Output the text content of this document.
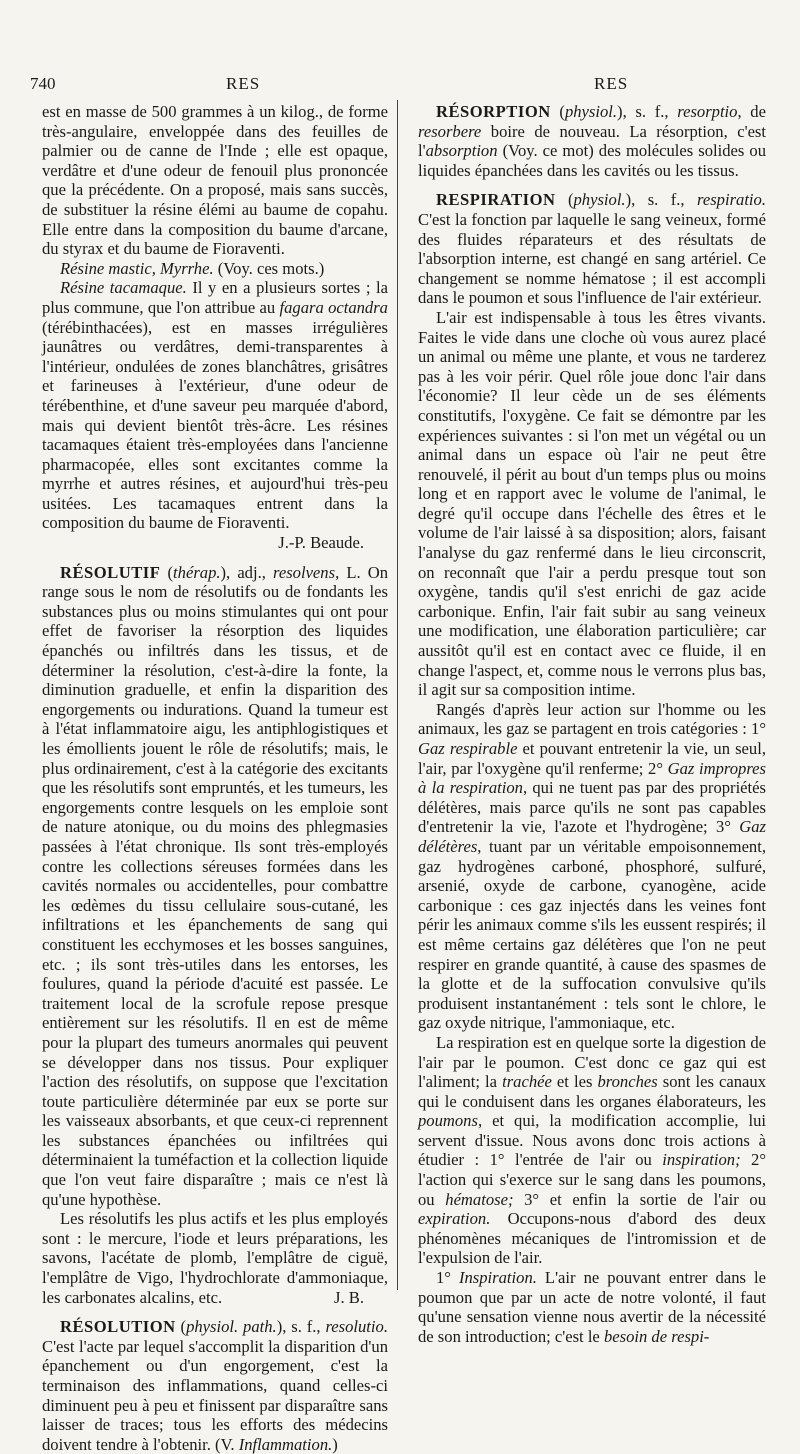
740	RES	RES

est en masse de 500 grammes à un kilog., de forme très-angulaire, enveloppée dans des feuilles de palmier ou de canne de l'Inde ; elle est opaque, verdâtre et d'une odeur de fenouil plus prononcée que la précédente. On a proposé, mais sans succès, de substituer la résine élémi au baume de copahu. Elle entre dans la composition du baume d'arcane, du styrax et du baume de Fioraventi.

Résine mastic, Myrrhe. (Voy. ces mots.)

Résine tacamaque. Il y en a plusieurs sortes ; la plus commune, que l'on attribue au fagara octandra (térébinthacées), est en masses irrégulières jaunâtres ou verdâtres, demi-transparentes à l'intérieur, ondulées de zones blanchâtres, grisâtres et farineuses à l'extérieur, d'une odeur de térébenthine, et d'une saveur peu marquée d'abord, mais qui devient bientôt très-âcre. Les résines tacamaques étaient très-employées dans l'ancienne pharmacopée, elles sont excitantes comme la myrrhe et autres résines, et aujourd'hui très-peu usitées. Les tacamaques entrent dans la composition du baume de Fioraventi.

J.-P. Beaude.

RÉSOLUTIF (thérap.), adj., resolvens, L. On range sous le nom de résolutifs ou de fondants les substances plus ou moins stimulantes qui ont pour effet de favoriser la résorption des liquides épanchés ou infiltrés dans les tissus, et de déterminer la résolution, c'est-à-dire la fonte, la diminution graduelle, et enfin la disparition des engorgements ou indurations. Quand la tumeur est à l'état inflammatoire aigu, les antiphlogistiques et les émollients jouent le rôle de résolutifs; mais, le plus ordinairement, c'est à la catégorie des excitants que les résolutifs sont empruntés, et les tumeurs, les engorgements contre lesquels on les emploie sont de nature atonique, ou du moins des phlegmasies passées à l'état chronique. Ils sont très-employés contre les collections séreuses formées dans les cavités normales ou accidentelles, pour combattre les œdèmes du tissu cellulaire sous-cutané, les infiltrations et les épanchements de sang qui constituent les ecchymoses et les bosses sanguines, etc. ; ils sont très-utiles dans les entorses, les foulures, quand la période d'acuité est passée. Le traitement local de la scrofule repose presque entièrement sur les résolutifs. Il en est de même pour la plupart des tumeurs anormales qui peuvent se développer dans nos tissus. Pour expliquer l'action des résolutifs, on suppose que l'excitation toute particulière déterminée par eux se porte sur les vaisseaux absorbants, et que ceux-ci reprennent les substances épanchées ou infiltrées qui déterminaient la tuméfaction et la collection liquide que l'on veut faire disparaître ; mais ce n'est là qu'une hypothèse.

Les résolutifs les plus actifs et les plus employés sont : le mercure, l'iode et leurs préparations, les savons, l'acétate de plomb, l'emplâtre de ciguë, l'emplâtre de Vigo, l'hydrochlorate d'ammoniaque, les carbonates alcalins, etc.	J. B.

RÉSOLUTION (physiol. path.), s. f., resolutio. C'est l'acte par lequel s'accomplit la disparition d'un épanchement ou d'un engorgement, c'est la terminaison des inflammations, quand celles-ci diminuent peu à peu et finissent par disparaître sans laisser de traces; tous les efforts des médecins doivent tendre à l'obtenir. (V. Inflammation.)

RÉSORPTION (physiol.), s. f., resorptio, de resorbere boire de nouveau. La résorption, c'est l'absorption (Voy. ce mot) des molécules solides ou liquides épanchées dans les cavités ou les tissus.

RESPIRATION (physiol.), s. f., respiratio. C'est la fonction par laquelle le sang veineux, formé des fluides réparateurs et des résultats de l'absorption interne, est changé en sang artériel. Ce changement se nomme hématose ; il est accompli dans le poumon et sous l'influence de l'air extérieur.

L'air est indispensable à tous les êtres vivants. Faites le vide dans une cloche où vous aurez placé un animal ou même une plante, et vous ne tarderez pas à les voir périr. Quel rôle joue donc l'air dans l'économie? Il leur cède un de ses éléments constitutifs, l'oxygène. Ce fait se démontre par les expériences suivantes : si l'on met un végétal ou un animal dans un espace où l'air ne peut être renouvelé, il périt au bout d'un temps plus ou moins long et en rapport avec le volume de l'animal, le degré qu'il occupe dans l'échelle des êtres et le volume de l'air laissé à sa disposition; alors, faisant l'analyse du gaz renfermé dans le lieu circonscrit, on reconnaît que l'air a perdu presque tout son oxygène, tandis qu'il s'est enrichi de gaz acide carbonique. Enfin, l'air fait subir au sang veineux une modification, une élaboration particulière; car aussitôt qu'il est en contact avec ce fluide, il en change l'aspect, et, comme nous le verrons plus bas, il agit sur sa composition intime.

Rangés d'après leur action sur l'homme ou les animaux, les gaz se partagent en trois catégories : 1° Gaz respirable et pouvant entretenir la vie, un seul, l'air, par l'oxygène qu'il renferme; 2° Gaz impropres à la respiration, qui ne tuent pas par des propriétés délétères, mais parce qu'ils ne sont pas capables d'entretenir la vie, l'azote et l'hydrogène; 3° Gaz délétères, tuant par un véritable empoisonnement, gaz hydrogènes carboné, phosphoré, sulfuré, arsenié, oxyde de carbone, cyanogène, acide carbonique : ces gaz injectés dans les veines font périr les animaux comme s'ils les eussent respirés; il est même certains gaz délétères que l'on ne peut respirer en grande quantité, à cause des spasmes de la glotte et de la suffocation convulsive qu'ils produisent instantanément : tels sont le chlore, le gaz oxyde nitrique, l'ammoniaque, etc.

La respiration est en quelque sorte la digestion de l'air par le poumon. C'est donc ce gaz qui est l'aliment; la trachée et les bronches sont les canaux qui le conduisent dans les organes élaborateurs, les poumons, et qui, la modification accomplie, lui servent d'issue. Nous avons donc trois actions à étudier : 1° l'entrée de l'air ou inspiration; 2° l'action qui s'exerce sur le sang dans les poumons, ou hématose; 3° et enfin la sortie de l'air ou expiration. Occupons-nous d'abord des deux phénomènes mécaniques de l'intromission et de l'expulsion de l'air.

1° Inspiration. L'air ne pouvant entrer dans le poumon que par un acte de notre volonté, il faut qu'une sensation vienne nous avertir de la nécessité de son introduction; c'est le besoin de respi-
